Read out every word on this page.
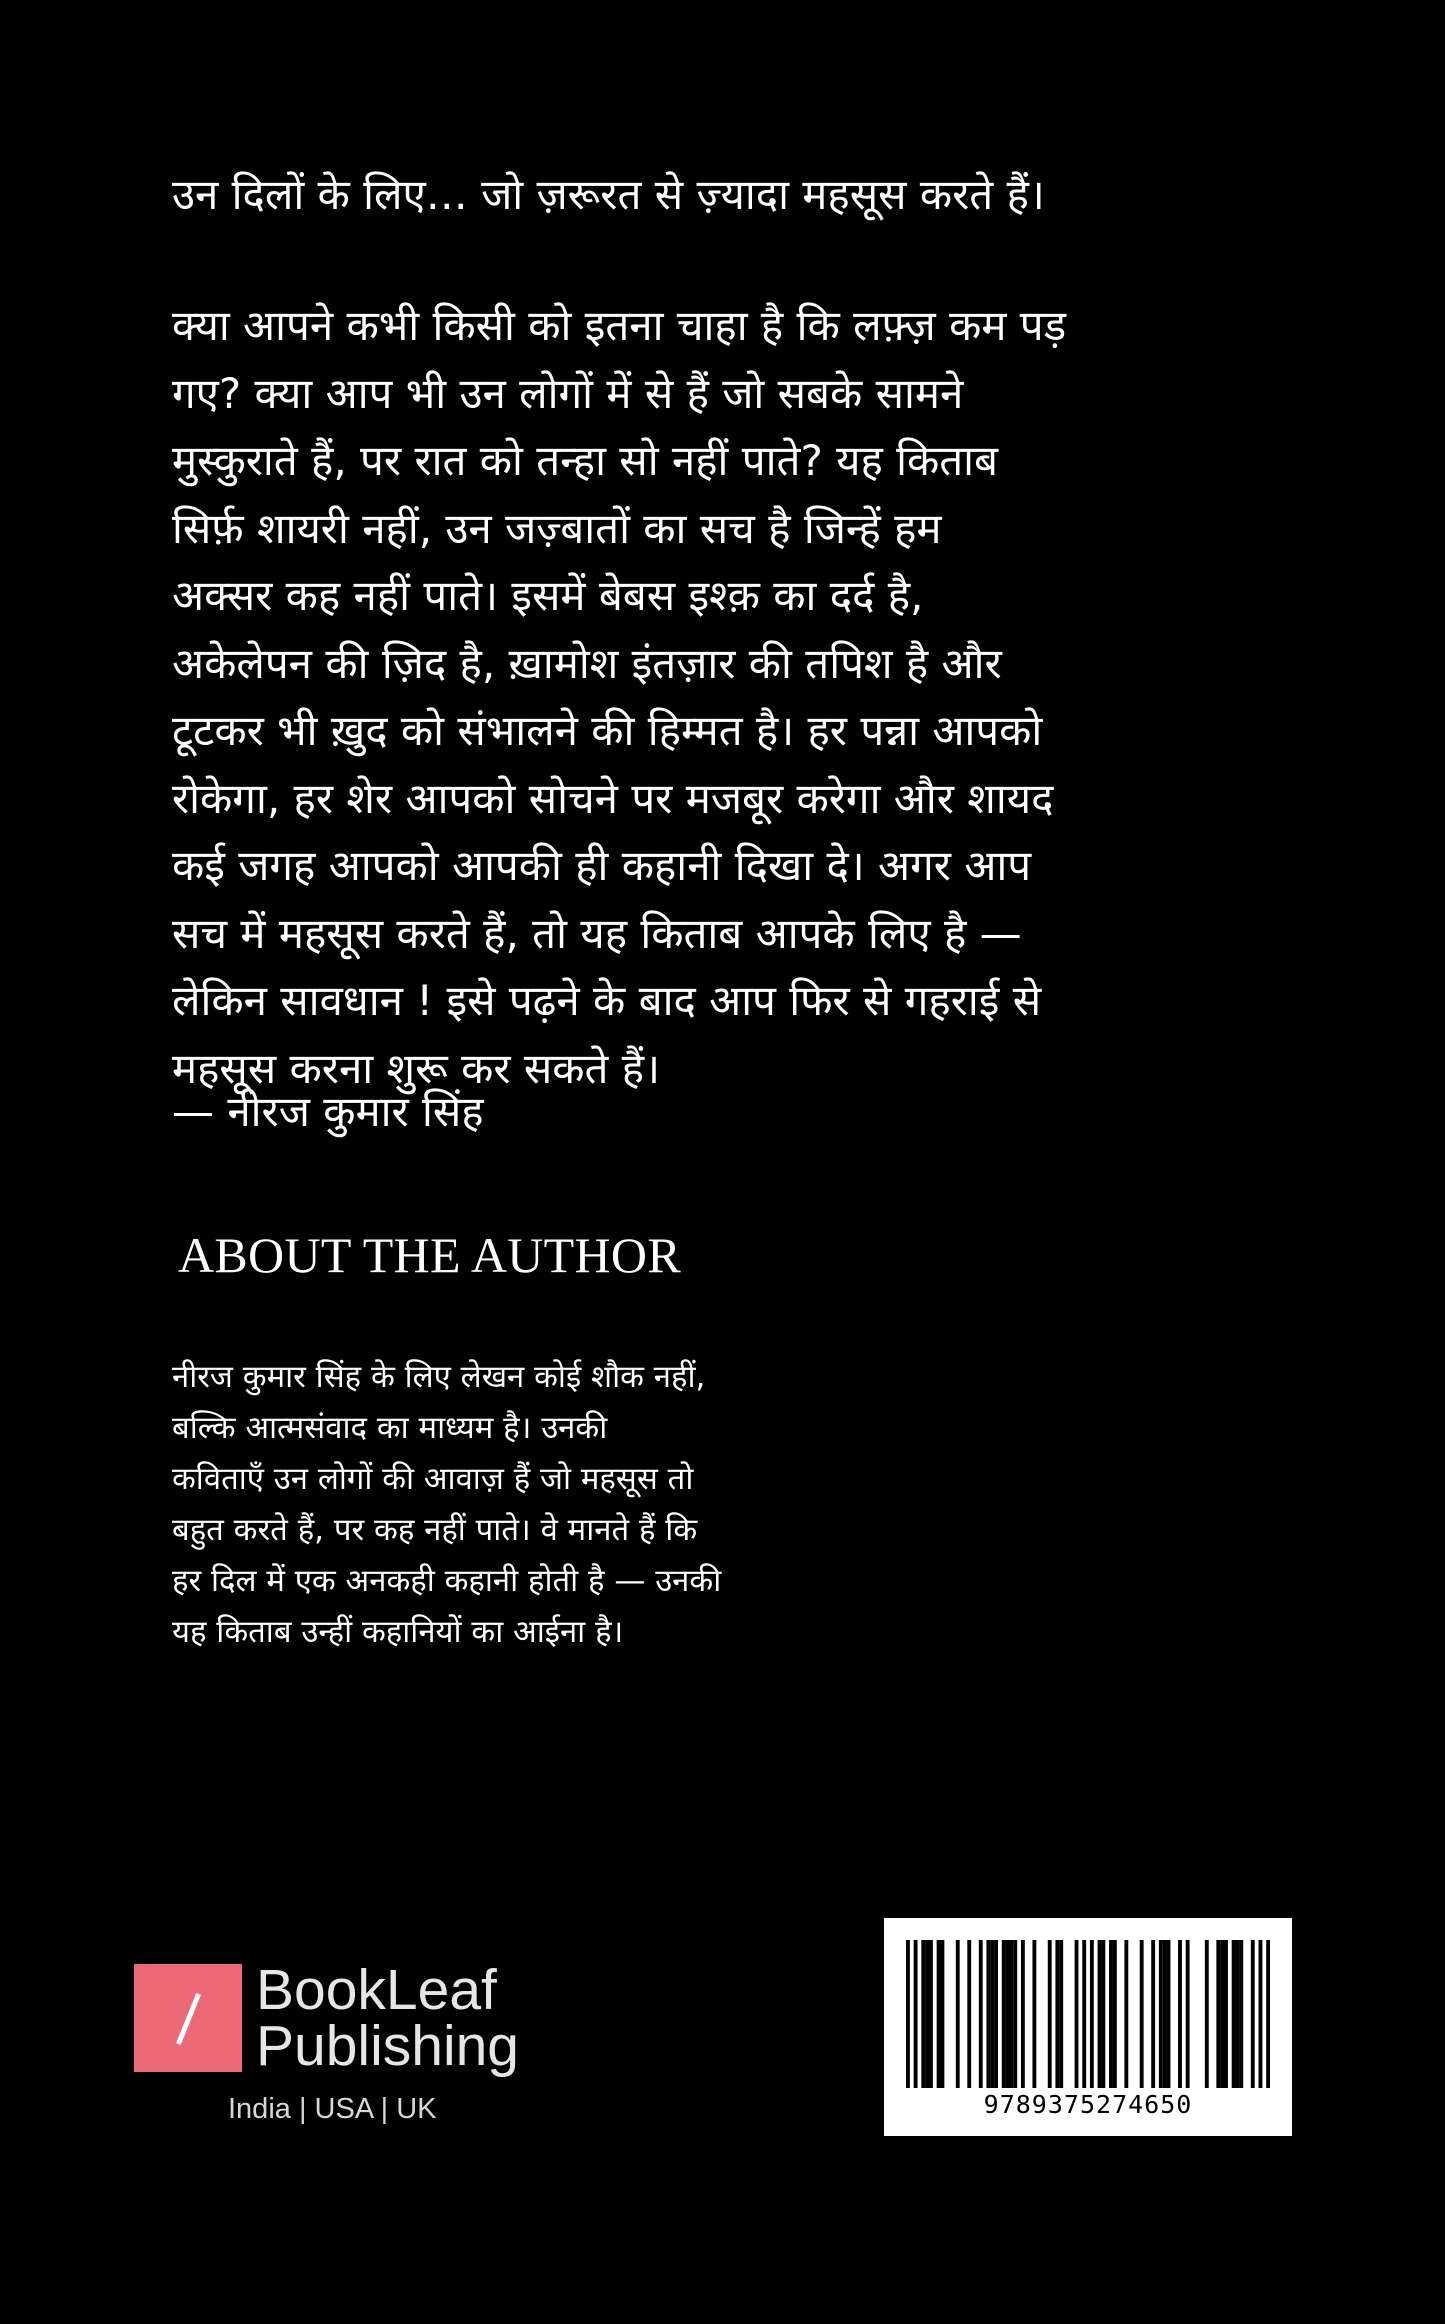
उन दिलों के लिए… जो ज़रूरत से ज़्यादा महसूस करते हैं।

क्या आपने कभी किसी को इतना चाहा है कि लफ़्ज़ कम पड़
गए? क्या आप भी उन लोगों में से हैं जो सबके सामने
मुस्कुराते हैं, पर रात को तन्हा सो नहीं पाते? यह किताब
सिर्फ़ शायरी नहीं, उन जज़्बातों का सच है जिन्हें हम
अक्सर कह नहीं पाते। इसमें बेबस इश्क़ का दर्द है,
अकेलेपन की ज़िद है, ख़ामोश इंतज़ार की तपिश है और
टूटकर भी ख़ुद को संभालने की हिम्मत है। हर पन्ना आपको
रोकेगा, हर शेर आपको सोचने पर मजबूर करेगा और शायद
कई जगह आपको आपकी ही कहानी दिखा दे। अगर आप
सच में महसूस करते हैं, तो यह किताब आपके लिए है —
लेकिन सावधान ! इसे पढ़ने के बाद आप फिर से गहराई से
महसूस करना शुरू कर सकते हैं।

— नीरज कुमार सिंह

ABOUT THE AUTHOR

नीरज कुमार सिंह के लिए लेखन कोई शौक नहीं,
बल्कि आत्मसंवाद का माध्यम है। उनकी
कविताएँ उन लोगों की आवाज़ हैं जो महसूस तो
बहुत करते हैं, पर कह नहीं पाते। वे मानते हैं कि
हर दिल में एक अनकही कहानी होती है — उनकी
यह किताब उन्हीं कहानियों का आईना है।

BookLeaf
Publishing
India | USA | UK	9789375274650
